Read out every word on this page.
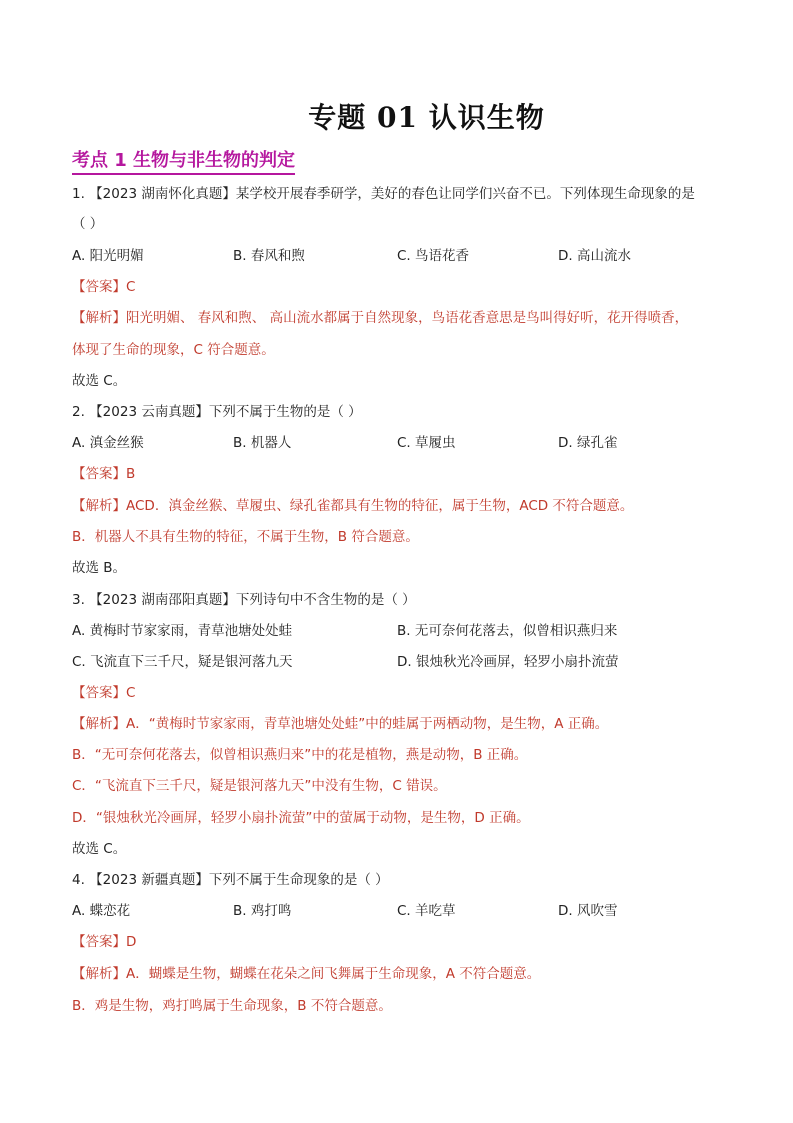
专题 01 认识生物
考点 1 生物与非生物的判定
1. 【2023 湖南怀化真题】某学校开展春季研学，美好的春色让同学们兴奋不已。下列体现生命现象的是
（ ）
A. 阳光明媚	B. 春风和煦	C. 鸟语花香	D. 高山流水
【答案】C
【解析】阳光明媚、 春风和煦、 高山流水都属于自然现象，鸟语花香意思是鸟叫得好听，花开得喷香，
体现了生命的现象，C 符合题意。
故选 C。
2. 【2023 云南真题】下列不属于生物的是（ ）
A. 滇金丝猴	B. 机器人	C. 草履虫	D. 绿孔雀
【答案】B
【解析】ACD．滇金丝猴、草履虫、绿孔雀都具有生物的特征，属于生物，ACD 不符合题意。
B．机器人不具有生物的特征，不属于生物，B 符合题意。
故选 B。
3. 【2023 湖南邵阳真题】下列诗句中不含生物的是（ ）
A. 黄梅时节家家雨，青草池塘处处蛙	B. 无可奈何花落去，似曾相识燕归来
C. 飞流直下三千尺，疑是银河落九天	D. 银烛秋光冷画屏，轻罗小扇扑流萤
【答案】C
【解析】A．“黄梅时节家家雨，青草池塘处处蛙”中的蛙属于两栖动物，是生物，A 正确。
B．“无可奈何花落去，似曾相识燕归来”中的花是植物，燕是动物，B 正确。
C．“飞流直下三千尺，疑是银河落九天”中没有生物，C 错误。
D．“银烛秋光冷画屏，轻罗小扇扑流萤”中的萤属于动物，是生物，D 正确。
故选 C。
4. 【2023 新疆真题】下列不属于生命现象的是（ ）
A. 蝶恋花	B. 鸡打鸣	C. 羊吃草	D. 风吹雪
【答案】D
【解析】A．蝴蝶是生物，蝴蝶在花朵之间飞舞属于生命现象，A 不符合题意。
B．鸡是生物，鸡打鸣属于生命现象，B 不符合题意。
